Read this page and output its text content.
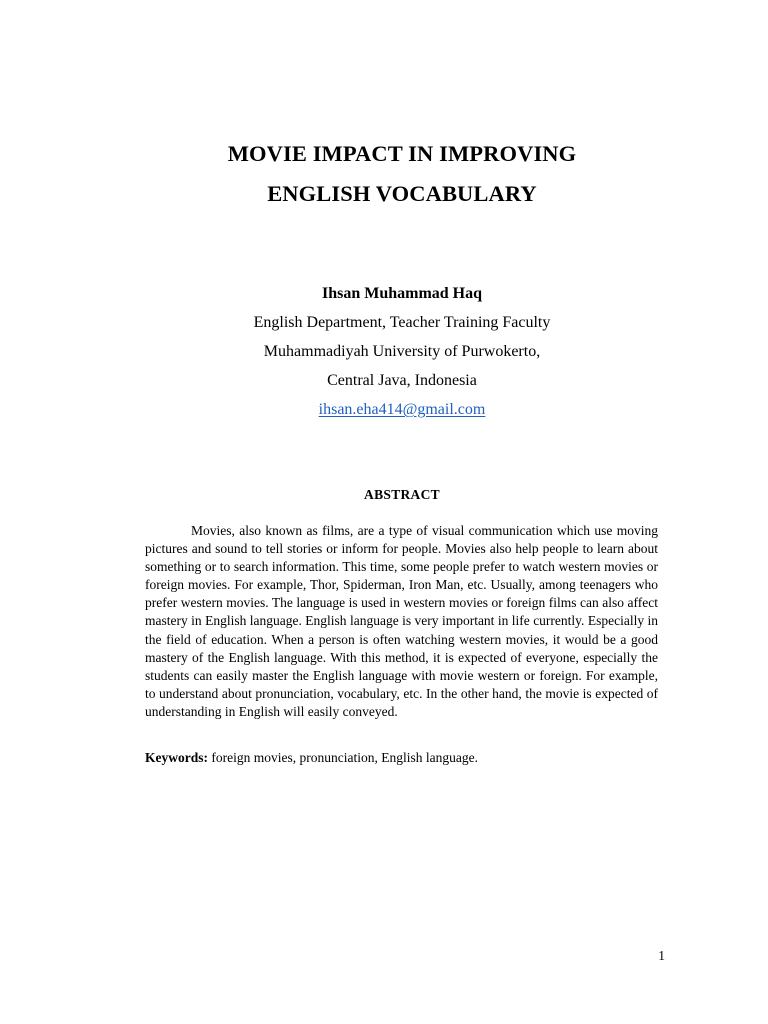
MOVIE IMPACT IN IMPROVING
ENGLISH VOCABULARY
Ihsan Muhammad Haq
English Department, Teacher Training Faculty
Muhammadiyah University of Purwokerto,
Central Java, Indonesia
ihsan.eha414@gmail.com
ABSTRACT

Movies, also known as films, are a type of visual communication which use moving pictures and sound to tell stories or inform for people. Movies also help people to learn about something or to search information. This time, some people prefer to watch western movies or foreign movies. For example, Thor, Spiderman, Iron Man, etc. Usually, among teenagers who prefer western movies. The language is used in western movies or foreign films can also affect mastery in English language. English language is very important in life currently. Especially in the field of education. When a person is often watching western movies, it would be a good mastery of the English language. With this method, it is expected of everyone, especially the students can easily master the English language with movie western or foreign. For example, to understand about pronunciation, vocabulary, etc. In the other hand, the movie is expected of understanding in English will easily conveyed.

Keywords: foreign movies, pronunciation, English language.

1
